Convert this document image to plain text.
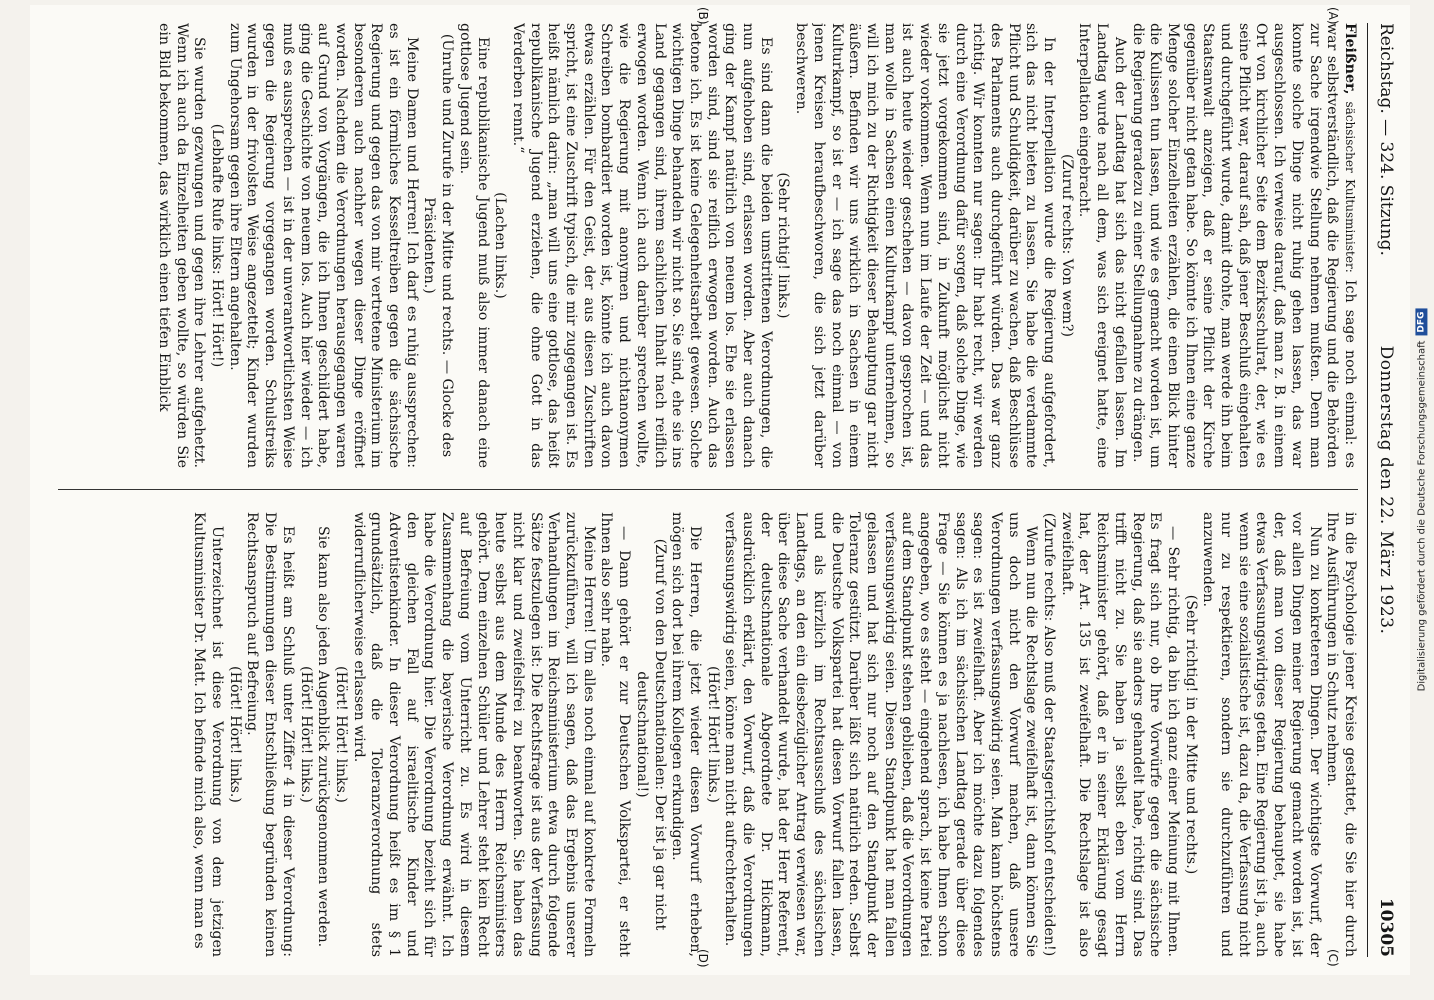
Reichstag. — 324. Sitzung.
Donnerstag den 22. März 1923.
10305

Fleißner, sächsischer Kultusminister: Ich sage noch einmal: es war selbstverständlich, daß die Regierung und die Behörden zur Sache irgendwie Stellung nehmen mußten. Denn man konnte solche Dinge nicht ruhig gehen lassen, das war ausgeschlossen. Ich verweise darauf, daß man z. B. in einem Ort von kirchlicher Seite dem Bezirksschulrat, der, wie es seine Pflicht war, darauf sah, daß jener Beschluß eingehalten und durchgeführt wurde, damit drohte, man werde ihn beim Staatsanwalt anzeigen, daß er seine Pflicht der Kirche gegenüber nicht getan habe. So könnte ich Ihnen eine ganze Menge solcher Einzelheiten erzählen, die einen Blick hinter die Kulissen tun lassen, und wie es gemacht worden ist, um die Regierung geradezu zu einer Stellungnahme zu drängen.

Auch der Landtag hat sich das nicht gefallen lassen. Im Landtag wurde nach all dem, was sich ereignet hatte, eine Interpellation eingebracht.

(Zuruf rechts: Von wem?)

In der Interpellation wurde die Regierung aufgefordert, sich das nicht bieten zu lassen. Sie habe die verdammte Pflicht und Schuldigkeit, darüber zu wachen, daß Beschlüsse des Parlaments auch durchgeführt würden. Das war ganz richtig. Wir konnten nur sagen: Ihr habt recht, wir werden durch eine Verordnung dafür sorgen, daß solche Dinge, wie sie jetzt vorgekommen sind, in Zukunft möglichst nicht wieder vorkommen. Wenn nun im Laufe der Zeit — und das ist auch heute wieder geschehen — davon gesprochen ist, man wolle in Sachsen einen Kulturkampf unternehmen, so will ich mich zu der Richtigkeit dieser Behauptung gar nicht äußern. Befinden wir uns wirklich in Sachsen in einem Kulturkampf, so ist er — ich sage das noch einmal — von jenen Kreisen heraufbeschworen, die sich jetzt darüber beschweren.

(Sehr richtig! links.)

Es sind dann die beiden umstrittenen Verordnungen, die nun aufgehoben sind, erlassen worden. Aber auch danach ging der Kampf natürlich von neuem los. Ehe sie erlassen worden sind, sind sie reiflich erwogen worden. Auch das betone ich. Es ist keine Gelegenheitsarbeit gewesen. Solche wichtigen Dinge behandeln wir nicht so. Sie sind, ehe sie ins Land gegangen sind, ihrem sachlichen Inhalt nach reiflich erwogen worden. Wenn ich auch darüber sprechen wollte, wie die Regierung mit anonymen und nichtanonymen Schreiben bombardiert worden ist, könnte ich auch davon etwas erzählen. Für den Geist, der aus diesen Zuschriften spricht, ist eine Zuschrift typisch, die mir zugegangen ist. Es heißt nämlich darin: „man will uns eine gottlose, das heißt republikanische Jugend erziehen, die ohne Gott in das Verderben rennt.“

(Lachen links.)

Eine republikanische Jugend muß also immer danach eine gottlose Jugend sein.

(Unruhe und Zurufe in der Mitte und rechts. — Glocke des Präsidenten.)

Meine Damen und Herren! Ich darf es ruhig aussprechen: es ist ein förmliches Kesseltreiben gegen die sächsische Regierung und gegen das von mir vertretene Ministerium im besonderen auch nachher wegen dieser Dinge eröffnet worden. Nachdem die Verordnungen herausgegangen waren auf Grund von Vorgängen, die ich Ihnen geschildert habe, ging die Geschichte von neuem los. Auch hier wieder — ich muß es aussprechen — ist in der unverantwortlichsten Weise gegen die Regierung vorgegangen worden. Schulstreiks wurden in der frivolsten Weise angezettelt; Kinder wurden zum Ungehorsam gegen ihre Eltern angehalten.

(Lebhafte Rufe links: Hört! Hört!)

Sie wurden gezwungen und gegen ihre Lehrer aufgehetzt. Wenn ich auch da Einzelheiten geben wollte, so würden Sie ein Bild bekommen, das wirklich einen tiefen Einblick

in die Psychologie jener Kreise gestattet, die Sie hier durch Ihre Ausführungen in Schutz nehmen.

Nun zu konkreteren Dingen. Der wichtigste Vorwurf, der vor allen Dingen meiner Regierung gemacht worden ist, ist der, daß man von dieser Regierung behauptet, sie habe etwas Verfassungswidriges getan. Eine Regierung ist ja, auch wenn sie eine sozialistische ist, dazu da, die Verfassung nicht nur zu respektieren, sondern sie durchzuführen und anzuwenden.

(Sehr richtig! in der Mitte und rechts.)

— Sehr richtig, da bin ich ganz einer Meinung mit Ihnen. Es fragt sich nur, ob Ihre Vorwürfe gegen die sächsische Regierung, daß sie anders gehandelt habe, richtig sind. Das trifft nicht zu. Sie haben ja selbst eben vom Herrn Reichsminister gehört, daß er in seiner Erklärung gesagt hat, der Art. 135 ist zweifelhaft. Die Rechtslage ist also zweifelhaft.

(Zurufe rechts: Also muß der Staatsgerichtshof entscheiden!)

Wenn nun die Rechtslage zweifelhaft ist, dann können Sie uns doch nicht den Vorwurf machen, daß unsere Verordnungen verfassungswidrig seien. Man kann höchstens sagen: es ist zweifelhaft. Aber ich möchte dazu folgendes sagen: Als ich im sächsischen Landtag gerade über diese Frage — Sie können es ja nachlesen, ich habe Ihnen schon angegeben, wo es steht — eingehend sprach, ist keine Partei auf dem Standpunkt stehen geblieben, daß die Verordnungen verfassungswidrig seien. Diesen Standpunkt hat man fallen gelassen und hat sich nur noch auf den Standpunkt der Toleranz gestützt. Darüber läßt sich natürlich reden. Selbst die Deutsche Volkspartei hat diesen Vorwurf fallen lassen, und als kürzlich im Rechtsausschuß des sächsischen Landtags, an den ein diesbezüglicher Antrag verwiesen war, über diese Sache verhandelt wurde, hat der Herr Referent, der deutschnationale Abgeordnete Dr. Hickmann, ausdrücklich erklärt, den Vorwurf, daß die Verordnungen verfassungswidrig seien, könne man nicht aufrechterhalten.

(Hört! Hört! links.)

Die Herren, die jetzt wieder diesen Vorwurf erheben, mögen sich dort bei ihrem Kollegen erkundigen.

(Zuruf von den Deutschnationalen: Der ist ja gar nicht deutschnational!)

— Dann gehört er zur Deutschen Volkspartei, er steht Ihnen also sehr nahe.

Meine Herren! Um alles noch einmal auf konkrete Formeln zurückzuführen, will ich sagen, daß das Ergebnis unserer Verhandlungen im Reichsministerium etwa durch folgende Sätze festzulegen ist: Die Rechtsfrage ist aus der Verfassung nicht klar und zweifelsfrei zu beantworten. Sie haben das heute selbst aus dem Munde des Herrn Reichsministers gehört. Dem einzelnen Schüler und Lehrer steht kein Recht auf Befreiung vom Unterricht zu. Es wird in diesem Zusammenhang die bayerische Verordnung erwähnt. Ich habe die Verordnung hier. Die Verordnung bezieht sich für den gleichen Fall auf israelitische Kinder und Adventistenkinder. In dieser Verordnung heißt es im § 1 grundsätzlich, daß die Toleranzverordnung stets widerruflicherweise erlassen wird.

(Hört! Hört! links.)

Sie kann also jeden Augenblick zurückgenommen werden.

(Hört! Hört! links.)

Es heißt am Schluß unter Ziffer 4 in dieser Verordnung: Die Bestimmungen dieser Entschließung begründen keinen Rechtsanspruch auf Befreiung.

(Hört! Hört! links.)

Unterzeichnet ist diese Verordnung von dem jetzigen Kultusminister Dr. Matt. Ich befinde mich also, wenn man es

(A)
(B)
(C)
(D)
Digitalisierung gefördert durch die Deutsche Forschungsgemeinschaft
DFG
